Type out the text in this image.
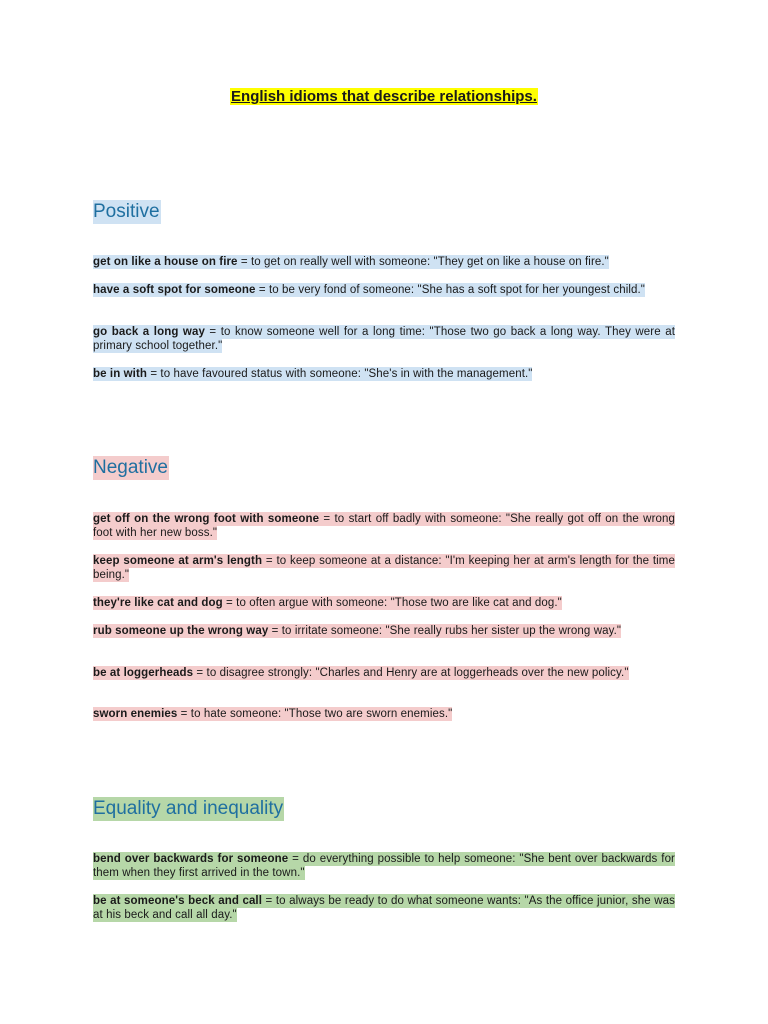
English idioms that describe relationships.
Positive
get on like a house on fire = to get on really well with someone: "They get on like a house on fire."
have a soft spot for someone = to be very fond of someone: "She has a soft spot for her youngest child."
go back a long way = to know someone well for a long time: "Those two go back a long way. They were at primary school together."
be in with = to have favoured status with someone: "She's in with the management."
Negative
get off on the wrong foot with someone = to start off badly with someone: "She really got off on the wrong foot with her new boss."
keep someone at arm's length = to keep someone at a distance: "I'm keeping her at arm's length for the time being."
they're like cat and dog = to often argue with someone: "Those two are like cat and dog."
rub someone up the wrong way = to irritate someone: "She really rubs her sister up the wrong way."
be at loggerheads = to disagree strongly: "Charles and Henry are at loggerheads over the new policy."
sworn enemies = to hate someone: "Those two are sworn enemies."
Equality and inequality
bend over backwards for someone = do everything possible to help someone: "She bent over backwards for them when they first arrived in the town."
be at someone's beck and call = to always be ready to do what someone wants: "As the office junior, she was at his beck and call all day."
